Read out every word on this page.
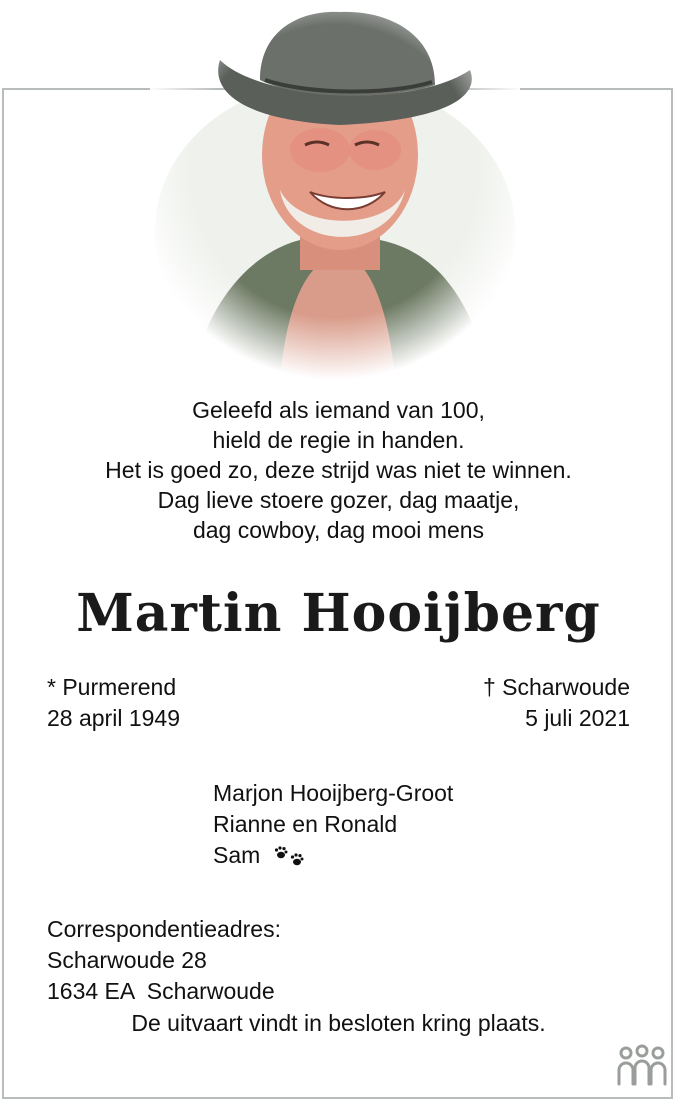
Geleefd als iemand van 100,
hield de regie in handen.
Het is goed zo, deze strijd was niet te winnen.
Dag lieve stoere gozer, dag maatje,
dag cowboy, dag mooi mens
Martin Hooijberg
* Purmerend
28 april 1949
† Scharwoude
5 juli 2021
Marjon Hooijberg-Groot
Rianne en Ronald
Sam
Correspondentieadres:
Scharwoude 28
1634 EA  Scharwoude
De uitvaart vindt in besloten kring plaats.
